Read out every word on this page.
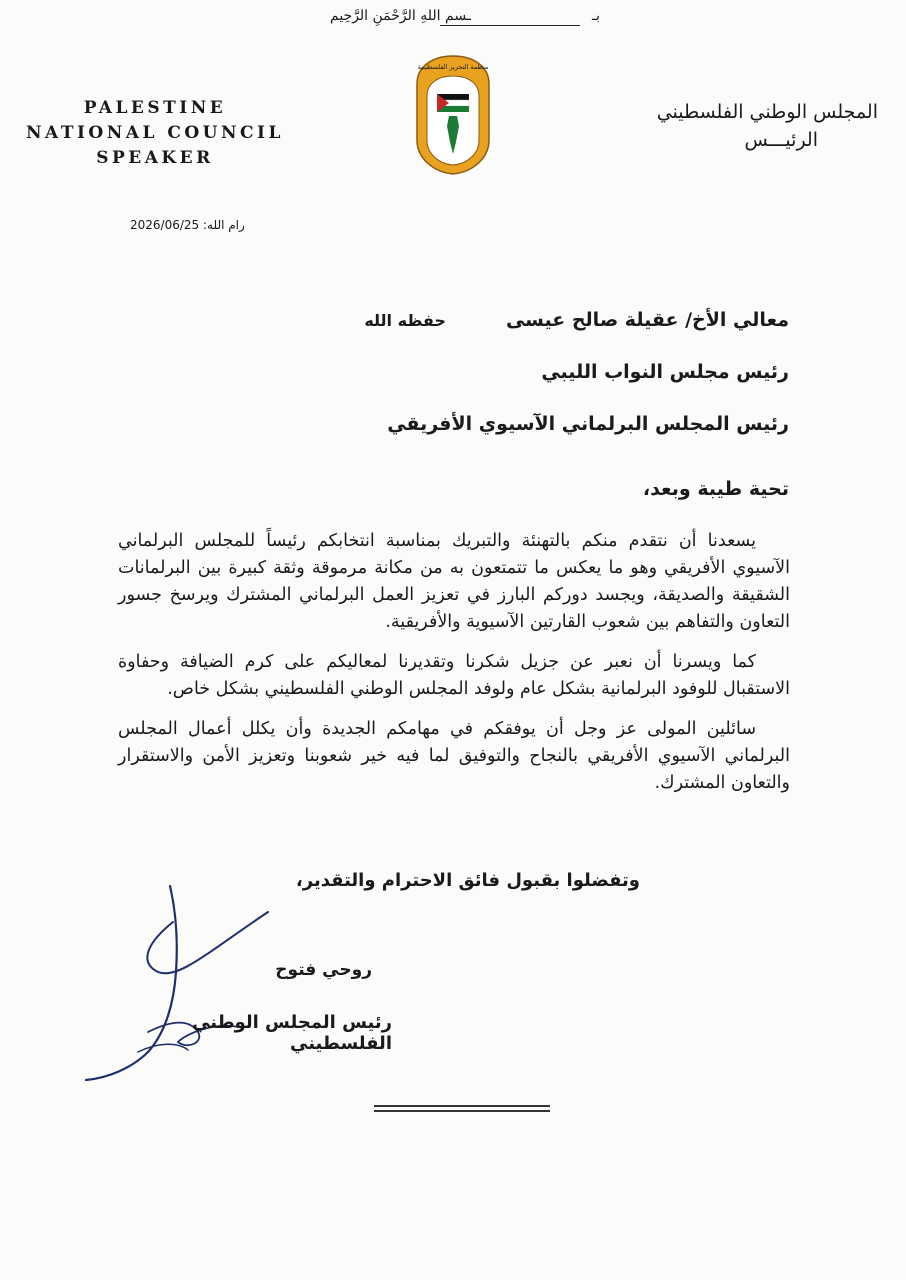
بـ
ـسم اللهِ الرَّحْمَنِ الرَّحِيم
PALESTINE
NATIONAL COUNCIL
SPEAKER
منظمة التحرير الفلسطينية
المجلس الوطني الفلسطيني
الرئيـــس
رام الله: 2026/06/25
معالي الأخ/ عقيلة صالح عيسىحفظه الله
رئيس مجلس النواب الليبي
رئيس المجلس البرلماني الآسيوي الأفريقي
تحية طيبة وبعد،

يسعدنا أن نتقدم منكم بالتهنئة والتبريك بمناسبة انتخابكم رئيساً للمجلس البرلماني الآسيوي الأفريقي وهو ما يعكس ما تتمتعون به من مكانة مرموقة وثقة كبيرة بين البرلمانات الشقيقة والصديقة، ويجسد دوركم البارز في تعزيز العمل البرلماني المشترك ويرسخ جسور التعاون والتفاهم بين شعوب القارتين الآسيوية والأفريقية.

كما ويسرنا أن نعبر عن جزيل شكرنا وتقديرنا لمعاليكم على كرم الضيافة وحفاوة الاستقبال للوفود البرلمانية بشكل عام ولوفد المجلس الوطني الفلسطيني بشكل خاص.

سائلين المولى عز وجل أن يوفقكم في مهامكم الجديدة وأن يكلل أعمال المجلس البرلماني الآسيوي الأفريقي بالنجاح والتوفيق لما فيه خير شعوبنا وتعزيز الأمن والاستقرار والتعاون المشترك.

وتفضلوا بقبول فائق الاحترام والتقدير،
روحي فتوح
رئيس المجلس الوطني الفلسطيني
